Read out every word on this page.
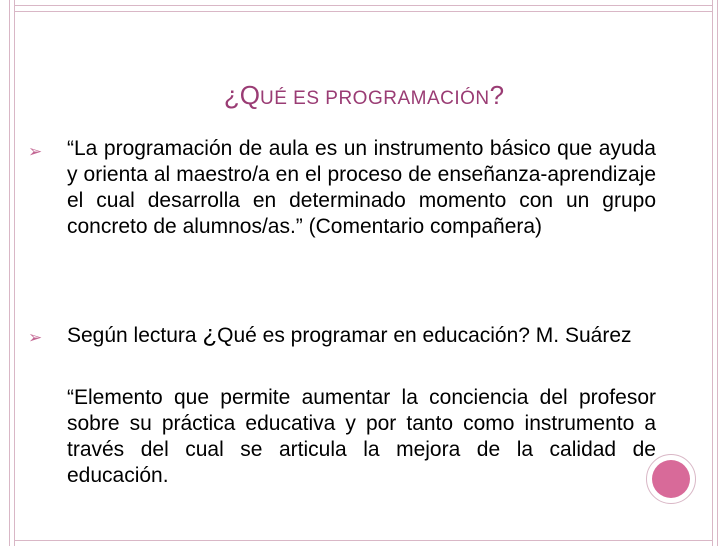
¿QUÉ ES PROGRAMACIÓN?
➢ “La programación de aula es un instrumento básico que ayuda y orienta al maestro/a en el proceso de enseñanza-aprendizaje el cual desarrolla en determinado momento con un grupo concreto de alumnos/as.” (Comentario compañera)
➢ Según lectura ¿Qué es programar en educación? M. Suárez
“Elemento que permite aumentar la conciencia del profesor sobre su práctica educativa y por tanto como instrumento a través del cual se articula la mejora de la calidad de educación.
